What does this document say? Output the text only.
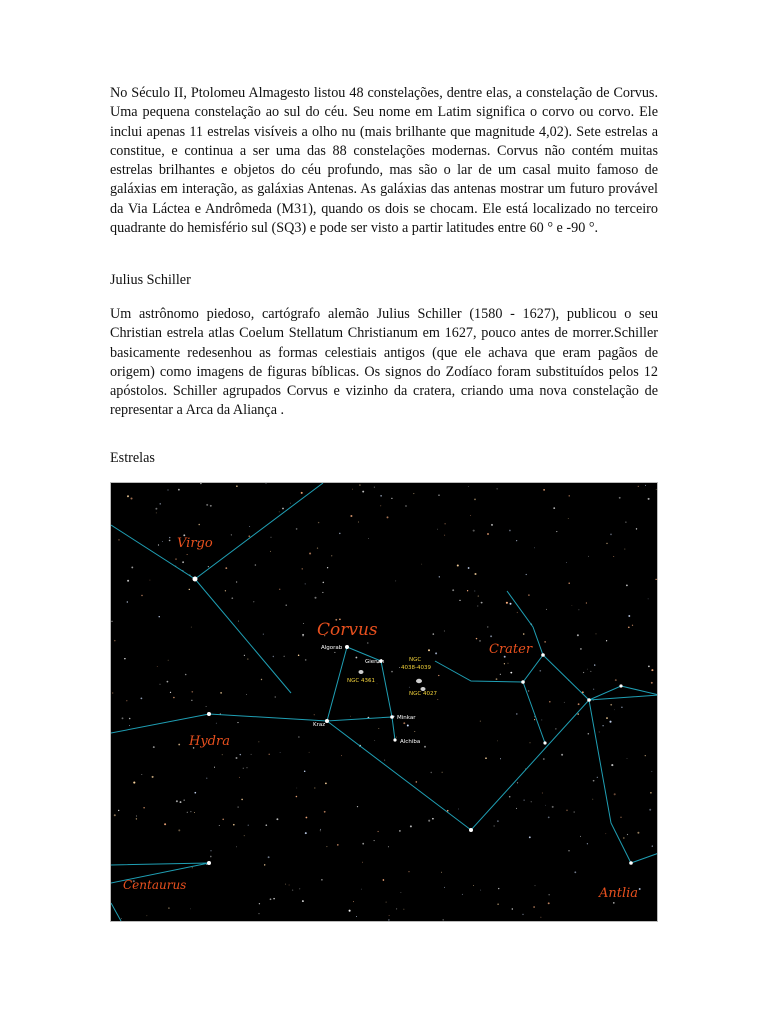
No Século II, Ptolomeu Almagesto listou 48 constelações, dentre elas, a constelação de Corvus. Uma pequena constelação ao sul do céu. Seu nome em Latim significa o corvo ou corvo. Ele inclui apenas 11 estrelas visíveis a olho nu (mais brilhante que magnitude 4,02). Sete estrelas a constitue, e continua a ser uma das 88 constelações modernas. Corvus não contém muitas estrelas brilhantes e objetos do céu profundo, mas são o lar de um casal muito famoso de galáxias em interação, as galáxias Antenas. As galáxias das antenas mostrar um futuro provável da Via Láctea e Andrômeda (M31), quando os dois se chocam. Ele está localizado no terceiro quadrante do hemisfério sul (SQ3) e pode ser visto a partir latitudes entre 60 ° e -90 °.

Julius Schiller

Um astrônomo piedoso, cartógrafo alemão Julius Schiller (1580 - 1627), publicou o seu Christian estrela atlas Coelum Stellatum Christianum em 1627, pouco antes de morrer.Schiller basicamente redesenhou as formas celestiais antigos (que ele achava que eram pagãos de origem) como imagens de figuras bíblicas. Os signos do Zodíaco foram substituídos pelos 12 apóstolos. Schiller agrupados Corvus e vizinho da cratera, criando uma nova constelação de representar a Arca da Aliança .

Estrelas
Virgo
Corvus
Crater
Hydra
Centaurus
Antlia
Algorab
Gienah
Minkar
Kraz
Alchiba
NGC
4038-4039
NGC 4027
NGC 4361
